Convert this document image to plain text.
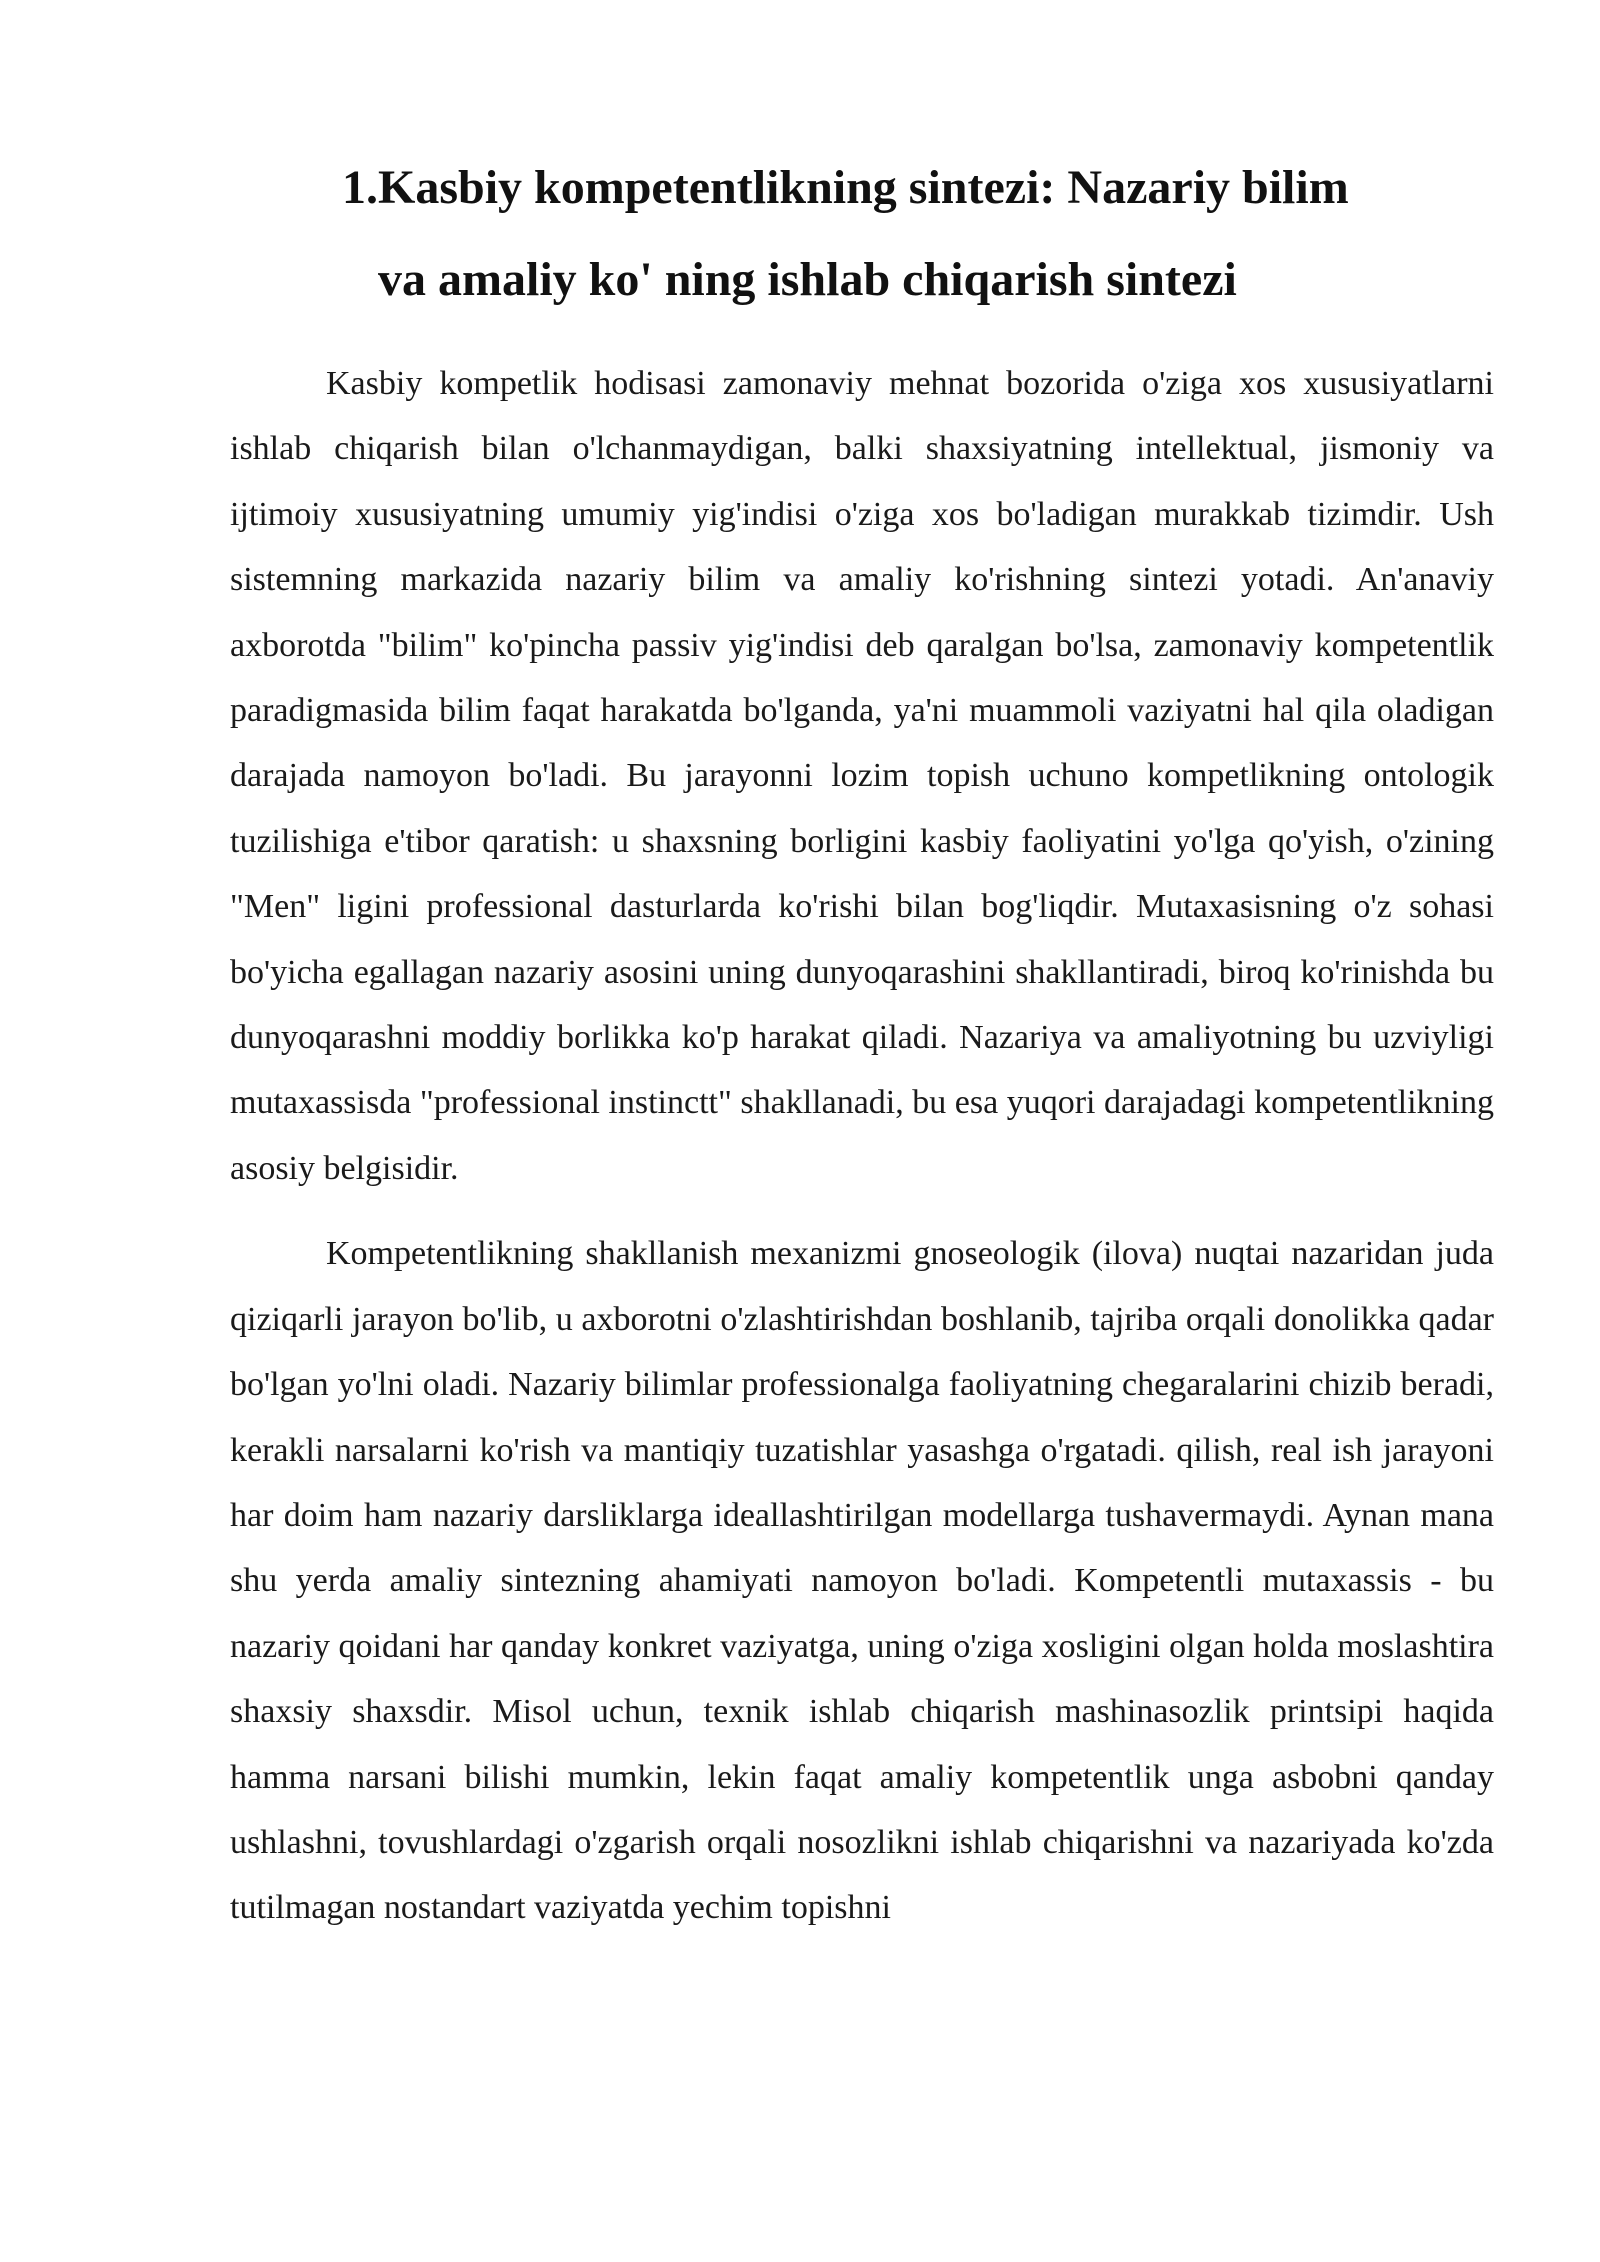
1.Kasbiy kompetentlikning sintezi: Nazariy bilim
va amaliy ko' ning ishlab chiqarish sintezi

Kasbiy kompetlik hodisasi zamonaviy mehnat bozorida o'ziga xos xususiyatlarni ishlab chiqarish bilan o'lchanmaydigan, balki shaxsiyatning intellektual, jismoniy va ijtimoiy xususiyatning umumiy yig'indisi o'ziga xos bo'ladigan murakkab tizimdir. Ush sistemning markazida nazariy bilim va amaliy ko'rishning sintezi yotadi. An'anaviy axborotda "bilim" ko'pincha passiv yig'indisi deb qaralgan bo'lsa, zamonaviy kompetentlik paradigmasida bilim faqat harakatda bo'lganda, ya'ni muammoli vaziyatni hal qila oladigan darajada namoyon bo'ladi. Bu jarayonni lozim topish uchuno kompetlikning ontologik tuzilishiga e'tibor qaratish: u shaxsning borligini kasbiy faoliyatini yo'lga qo'yish, o'zining "Men" ligini professional dasturlarda ko'rishi bilan bog'liqdir. Mutaxasisning o'z sohasi bo'yicha egallagan nazariy asosini uning dunyoqarashini shakllantiradi, biroq ko'rinishda bu dunyoqarashni moddiy borlikka ko'p harakat qiladi. Nazariya va amaliyotning bu uzviyligi mutaxassisda "professional instinctt" shakllanadi, bu esa yuqori darajadagi kompetentlikning asosiy belgisidir.

Kompetentlikning shakllanish mexanizmi gnoseologik (ilova) nuqtai nazaridan juda qiziqarli jarayon bo'lib, u axborotni o'zlashtirishdan boshlanib, tajriba orqali donolikka qadar bo'lgan yo'lni oladi. Nazariy bilimlar professionalga faoliyatning chegaralarini chizib beradi, kerakli narsalarni ko'rish va mantiqiy tuzatishlar yasashga o'rgatadi. qilish, real ish jarayoni har doim ham nazariy darsliklarga ideallashtirilgan modellarga tushavermaydi. Aynan mana shu yerda amaliy sintezning ahamiyati namoyon bo'ladi. Kompetentli mutaxassis - bu nazariy qoidani har qanday konkret vaziyatga, uning o'ziga xosligini olgan holda moslashtira shaxsiy shaxsdir. Misol uchun, texnik ishlab chiqarish mashinasozlik printsipi haqida hamma narsani bilishi mumkin, lekin faqat amaliy kompetentlik unga asbobni qanday ushlashni, tovushlardagi o'zgarish orqali nosozlikni ishlab chiqarishni va nazariyada ko'zda tutilmagan nostandart vaziyatda yechim topishni
